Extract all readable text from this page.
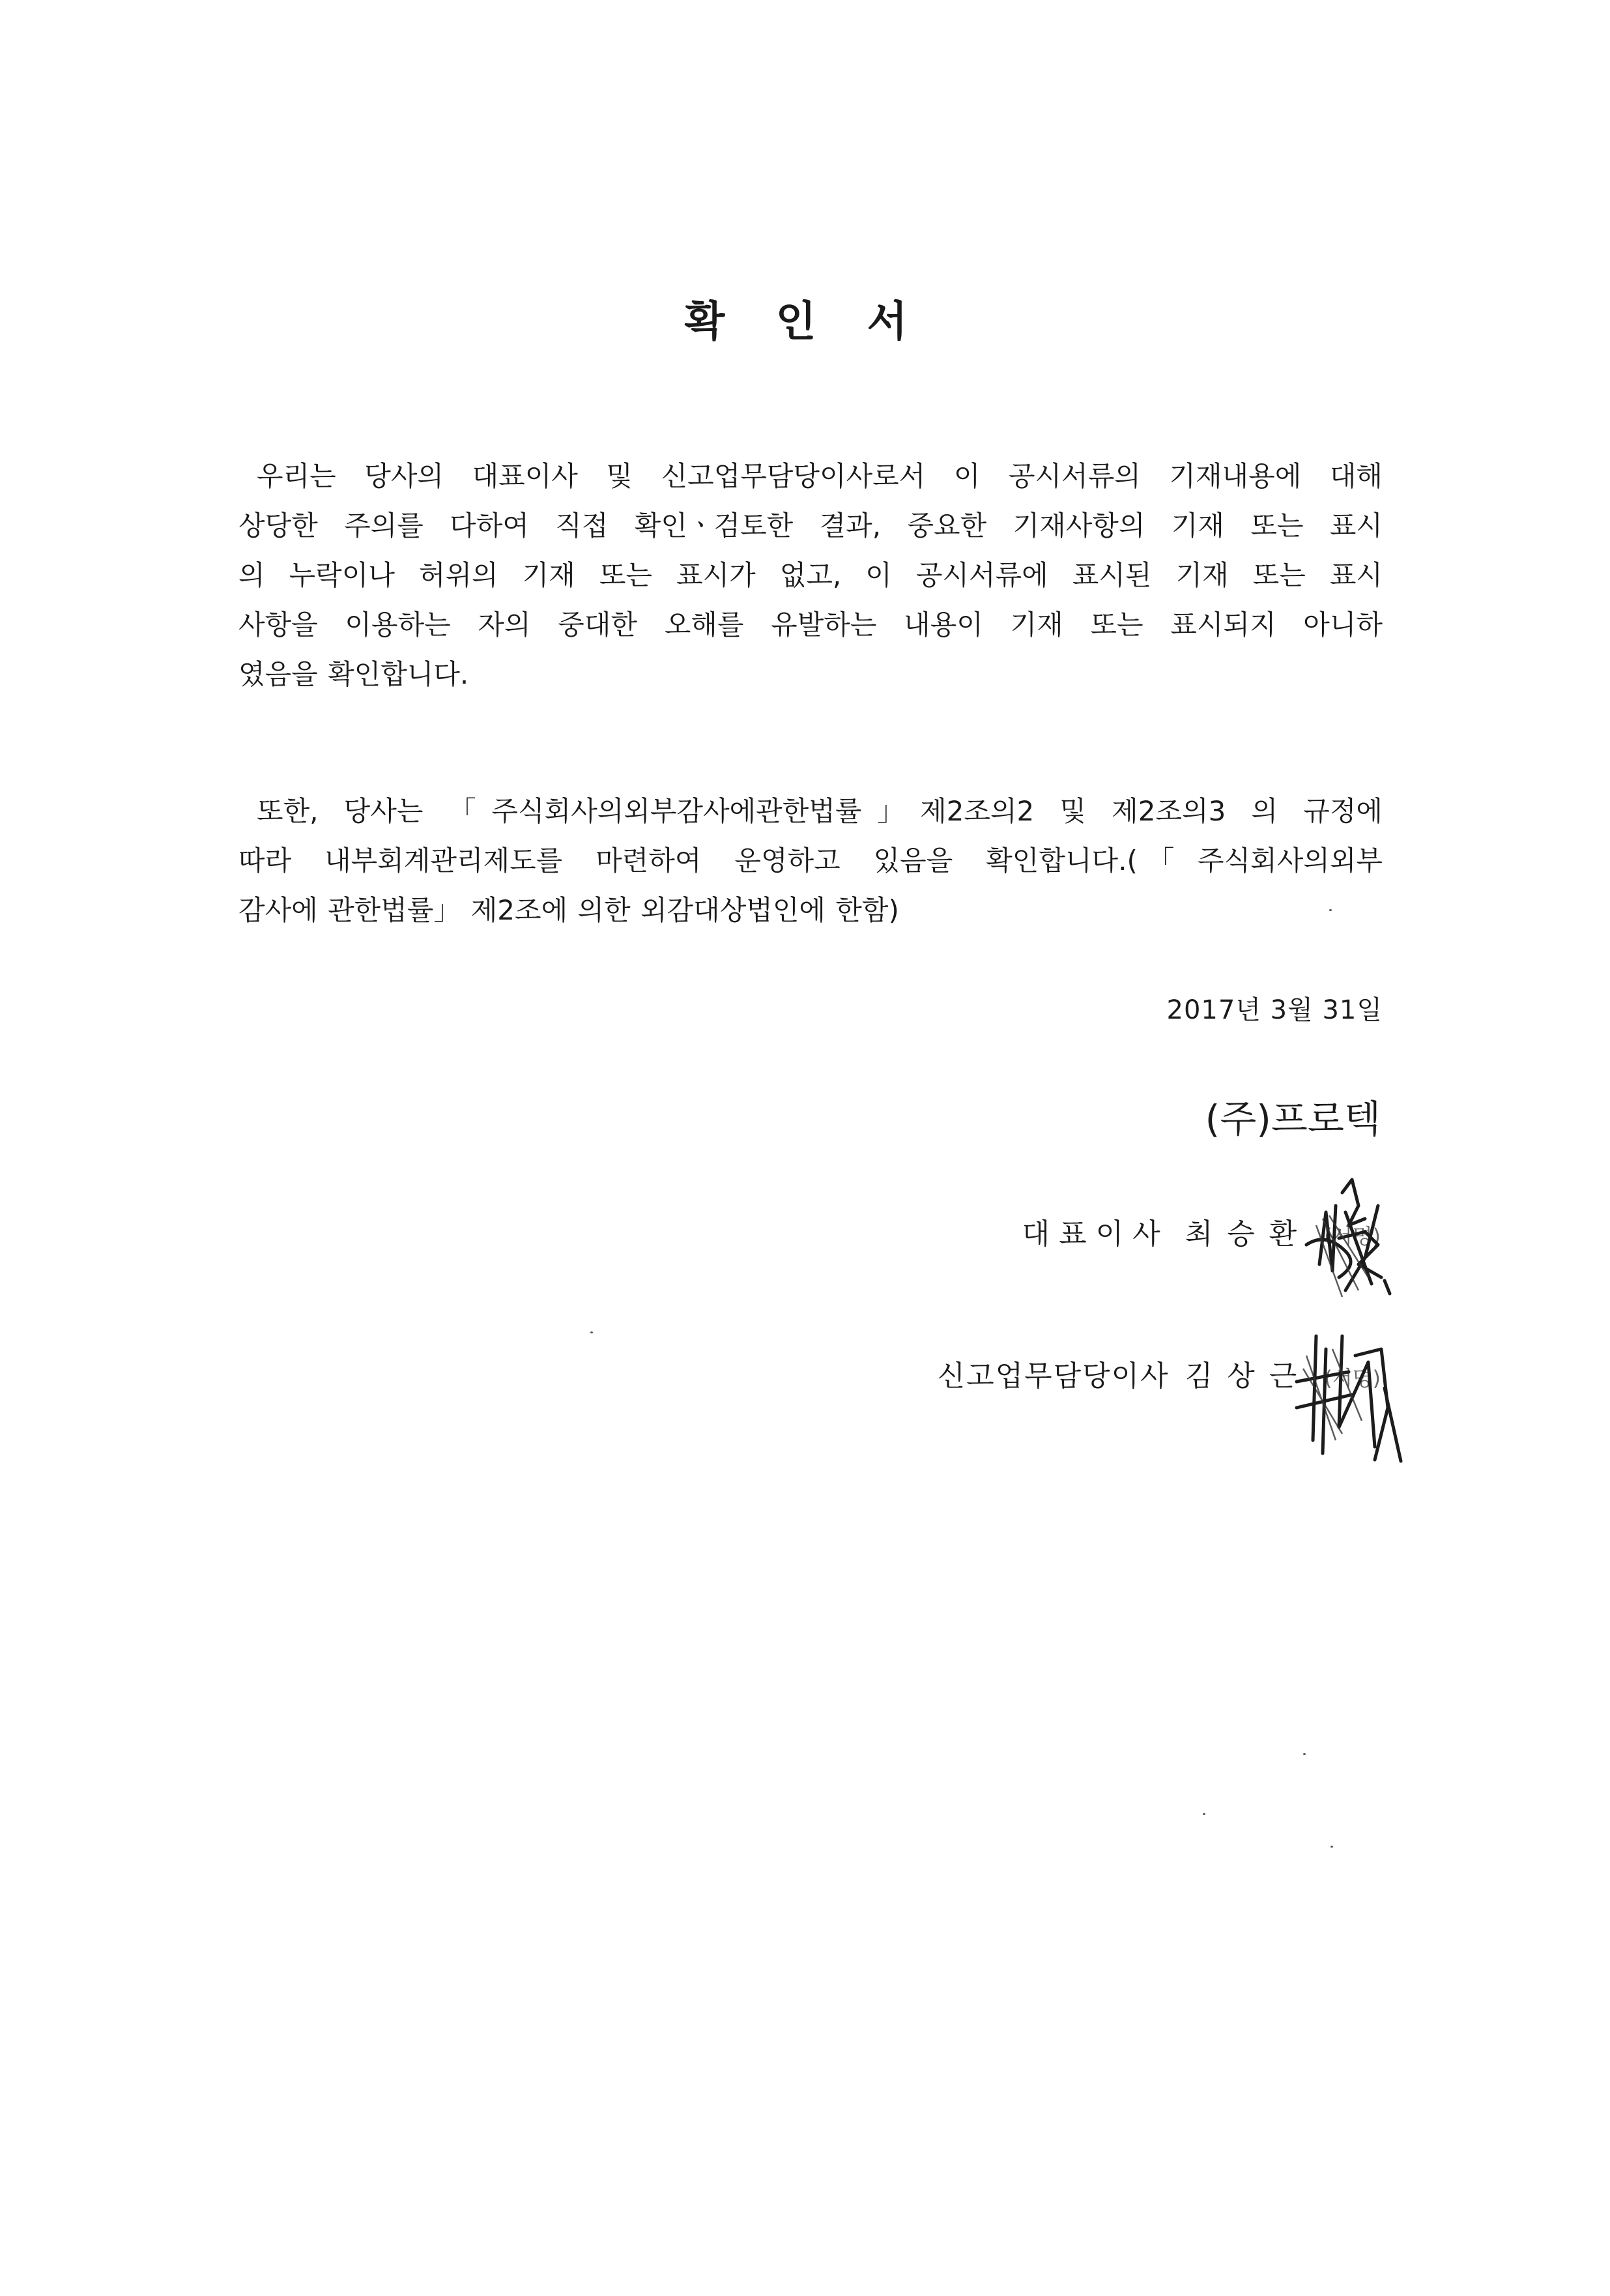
확 인 서

우리는 당사의 대표이사 및 신고업무담당이사로서 이 공시서류의 기재내용에 대해
상당한 주의를 다하여 직접 확인ㆍ검토한 결과, 중요한 기재사항의 기재 또는 표시
의 누락이나 허위의 기재 또는 표시가 없고, 이 공시서류에 표시된 기재 또는 표시
사항을 이용하는 자의 중대한 오해를 유발하는 내용이 기재 또는 표시되지 아니하
였음을 확인합니다.

또한, 당사는 「주식회사의외부감사에관한법률」제2조의2 및 제2조의3 의 규정에
따라 내부회계관리제도를 마련하여 운영하고 있음을 확인합니다.(「주식회사의외부
감사에 관한법률」 제2조에 의한 외감대상법인에 한함)

2017년 3월 31일
(주)프로텍
대표이사 최승환 (서명)
신고업무담당이사 김상근 (서명)
